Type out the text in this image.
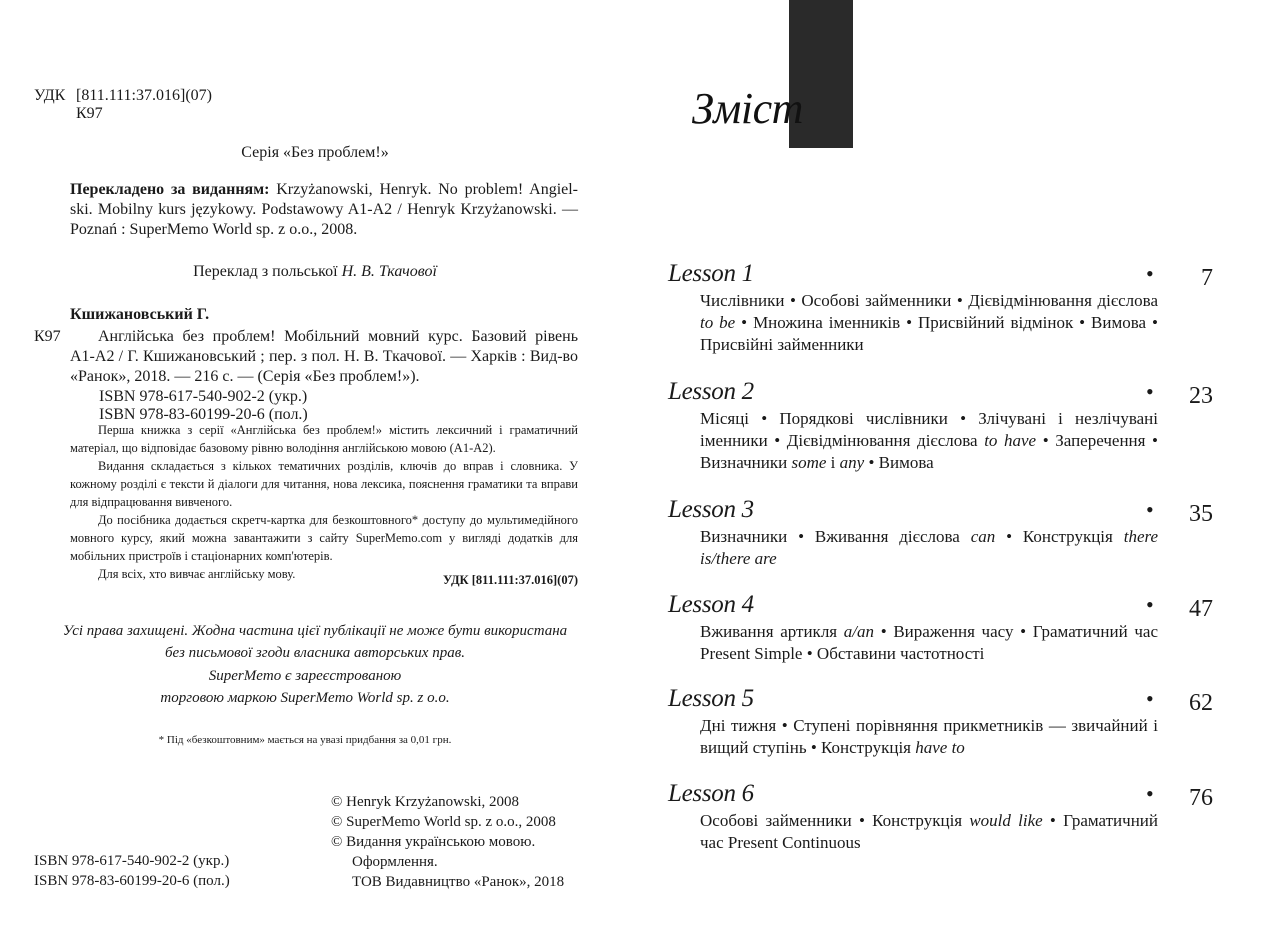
УДК [811.111:37.016](07)
К97
Серія «Без проблем!»
Перекладено за виданням: Krzyżanowski, Henryk. No problem! Angiel-
ski. Mobilny kurs językowy. Podstawowy A1-A2 / Henryk Krzyżanowski. —
Poznań : SuperMemo World sp. z o.o., 2008.
Переклад з польської Н. В. Ткачової
Кшижановський Г.
К97	Англійська без проблем! Мобільний мовний курс. Базовий рівень
А1-А2 / Г. Кшижановський ; пер. з пол. Н. В. Ткачової. — Харків : Вид-во
«Ранок», 2018. — 216 с. — (Серія «Без проблем!»).
ISBN 978-617-540-902-2 (укр.)
ISBN 978-83-60199-20-6 (пол.)
Перша книжка з серії «Англійська без проблем!» містить лексичний і граматичний матеріал, що відповідає базовому рівню володіння англійською мовою (А1-А2).
Видання складається з кількох тематичних розділів, ключів до вправ і словника. У кожному розділі є тексти й діалоги для читання, нова лексика, пояснення граматики та вправи для відпрацювання вивченого.
До посібника додається скретч-картка для безкоштовного* доступу до мультимедійного мовного курсу, який можна завантажити з сайту SuperMemo.com у вигляді додатків для мобільних пристроїв і стаціонарних комп'ютерів.
Для всіх, хто вивчає англійську мову.	УДК [811.111:37.016](07)
Усі права захищені. Жодна частина цієї публікації не може бути використана
без письмової згоди власника авторських прав.
SuperMemo є зареєстрованою
торговою маркою SuperMemo World sp. z o.o.
* Під «безкоштовним» мається на увазі придбання за 0,01 грн.
© Henryk Krzyżanowski, 2008
© SuperMemo World sp. z o.o., 2008
© Видання українською мовою.
Оформлення.
ТОВ Видавництво «Ранок», 2018
ISBN 978-617-540-902-2 (укр.)
ISBN 978-83-60199-20-6 (пол.)
Зміст
Lesson 1	• 7
Числівники • Особові займенники • Дієвідмінювання дієслова to be • Множина іменників • Присвійний відмінок • Вимова • Присвійні займенники
Lesson 2	• 23
Місяці • Порядкові числівники • Злічувані і незлічувані іменники • Дієвідмінювання дієслова to have • Заперечення • Визначники some і any • Вимова
Lesson 3	• 35
Визначники • Вживання дієслова can • Конструкція there is/there are
Lesson 4	• 47
Вживання артикля a/an • Вираження часу • Граматичний час Present Simple • Обставини частотності
Lesson 5	• 62
Дні тижня • Ступені порівняння прикметників — звичайний і вищий ступінь • Конструкція have to
Lesson 6	• 76
Особові займенники • Конструкція would like • Граматичний час Present Continuous
